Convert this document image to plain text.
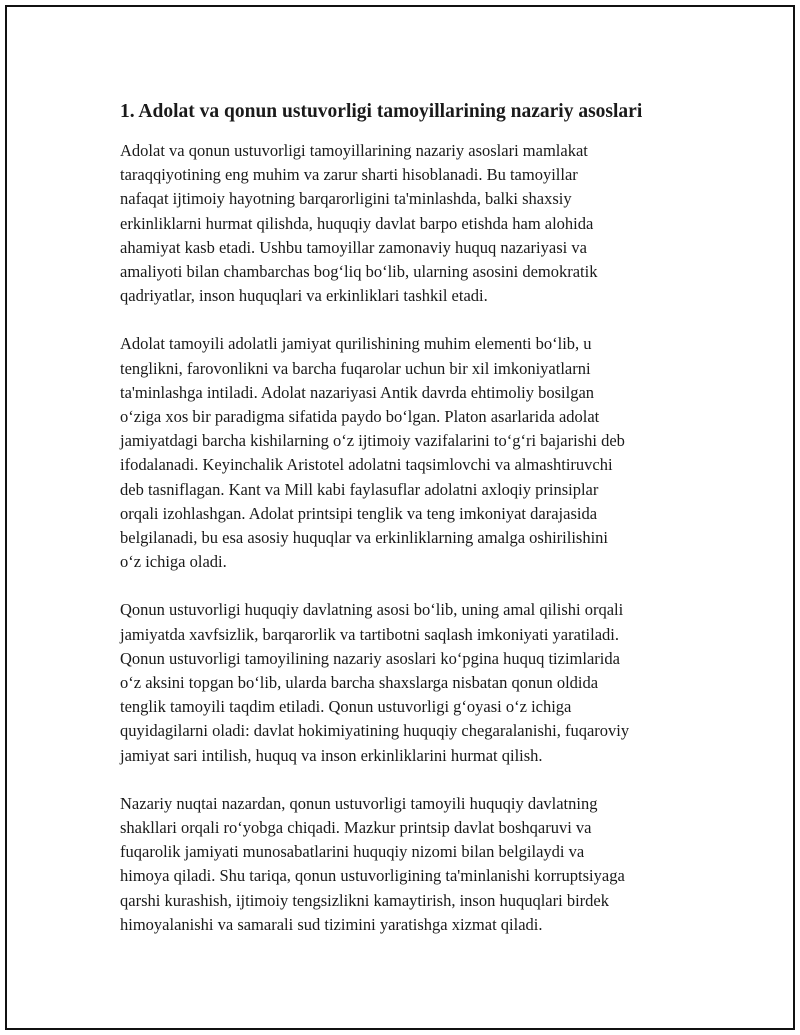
1. Adolat va qonun ustuvorligi tamoyillarining nazariy asoslari

Adolat va qonun ustuvorligi tamoyillarining nazariy asoslari mamlakat
taraqqiyotining eng muhim va zarur sharti hisoblanadi. Bu tamoyillar
nafaqat ijtimoiy hayotning barqarorligini ta'minlashda, balki shaxsiy
erkinliklarni hurmat qilishda, huquqiy davlat barpo etishda ham alohida
ahamiyat kasb etadi. Ushbu tamoyillar zamonaviy huquq nazariyasi va
amaliyoti bilan chambarchas bog‘liq bo‘lib, ularning asosini demokratik
qadriyatlar, inson huquqlari va erkinliklari tashkil etadi.

Adolat tamoyili adolatli jamiyat qurilishining muhim elementi bo‘lib, u
tenglikni, farovonlikni va barcha fuqarolar uchun bir xil imkoniyatlarni
ta'minlashga intiladi. Adolat nazariyasi Antik davrda ehtimoliy bosilgan
o‘ziga xos bir paradigma sifatida paydo bo‘lgan. Platon asarlarida adolat
jamiyatdagi barcha kishilarning o‘z ijtimoiy vazifalarini to‘g‘ri bajarishi deb
ifodalanadi. Keyinchalik Aristotel adolatni taqsimlovchi va almashtiruvchi
deb tasniflagan. Kant va Mill kabi faylasuflar adolatni axloqiy prinsiplar
orqali izohlashgan. Adolat printsipi tenglik va teng imkoniyat darajasida
belgilanadi, bu esa asosiy huquqlar va erkinliklarning amalga oshirilishini
o‘z ichiga oladi.

Qonun ustuvorligi huquqiy davlatning asosi bo‘lib, uning amal qilishi orqali
jamiyatda xavfsizlik, barqarorlik va tartibotni saqlash imkoniyati yaratiladi.
Qonun ustuvorligi tamoyilining nazariy asoslari ko‘pgina huquq tizimlarida
o‘z aksini topgan bo‘lib, ularda barcha shaxslarga nisbatan qonun oldida
tenglik tamoyili taqdim etiladi. Qonun ustuvorligi g‘oyasi o‘z ichiga
quyidagilarni oladi: davlat hokimiyatining huquqiy chegaralanishi, fuqaroviy
jamiyat sari intilish, huquq va inson erkinliklarini hurmat qilish.

Nazariy nuqtai nazardan, qonun ustuvorligi tamoyili huquqiy davlatning
shakllari orqali ro‘yobga chiqadi. Mazkur printsip davlat boshqaruvi va
fuqarolik jamiyati munosabatlarini huquqiy nizomi bilan belgilaydi va
himoya qiladi. Shu tariqa, qonun ustuvorligining ta'minlanishi korruptsiyaga
qarshi kurashish, ijtimoiy tengsizlikni kamaytirish, inson huquqlari birdek
himoyalanishi va samarali sud tizimini yaratishga xizmat qiladi.
